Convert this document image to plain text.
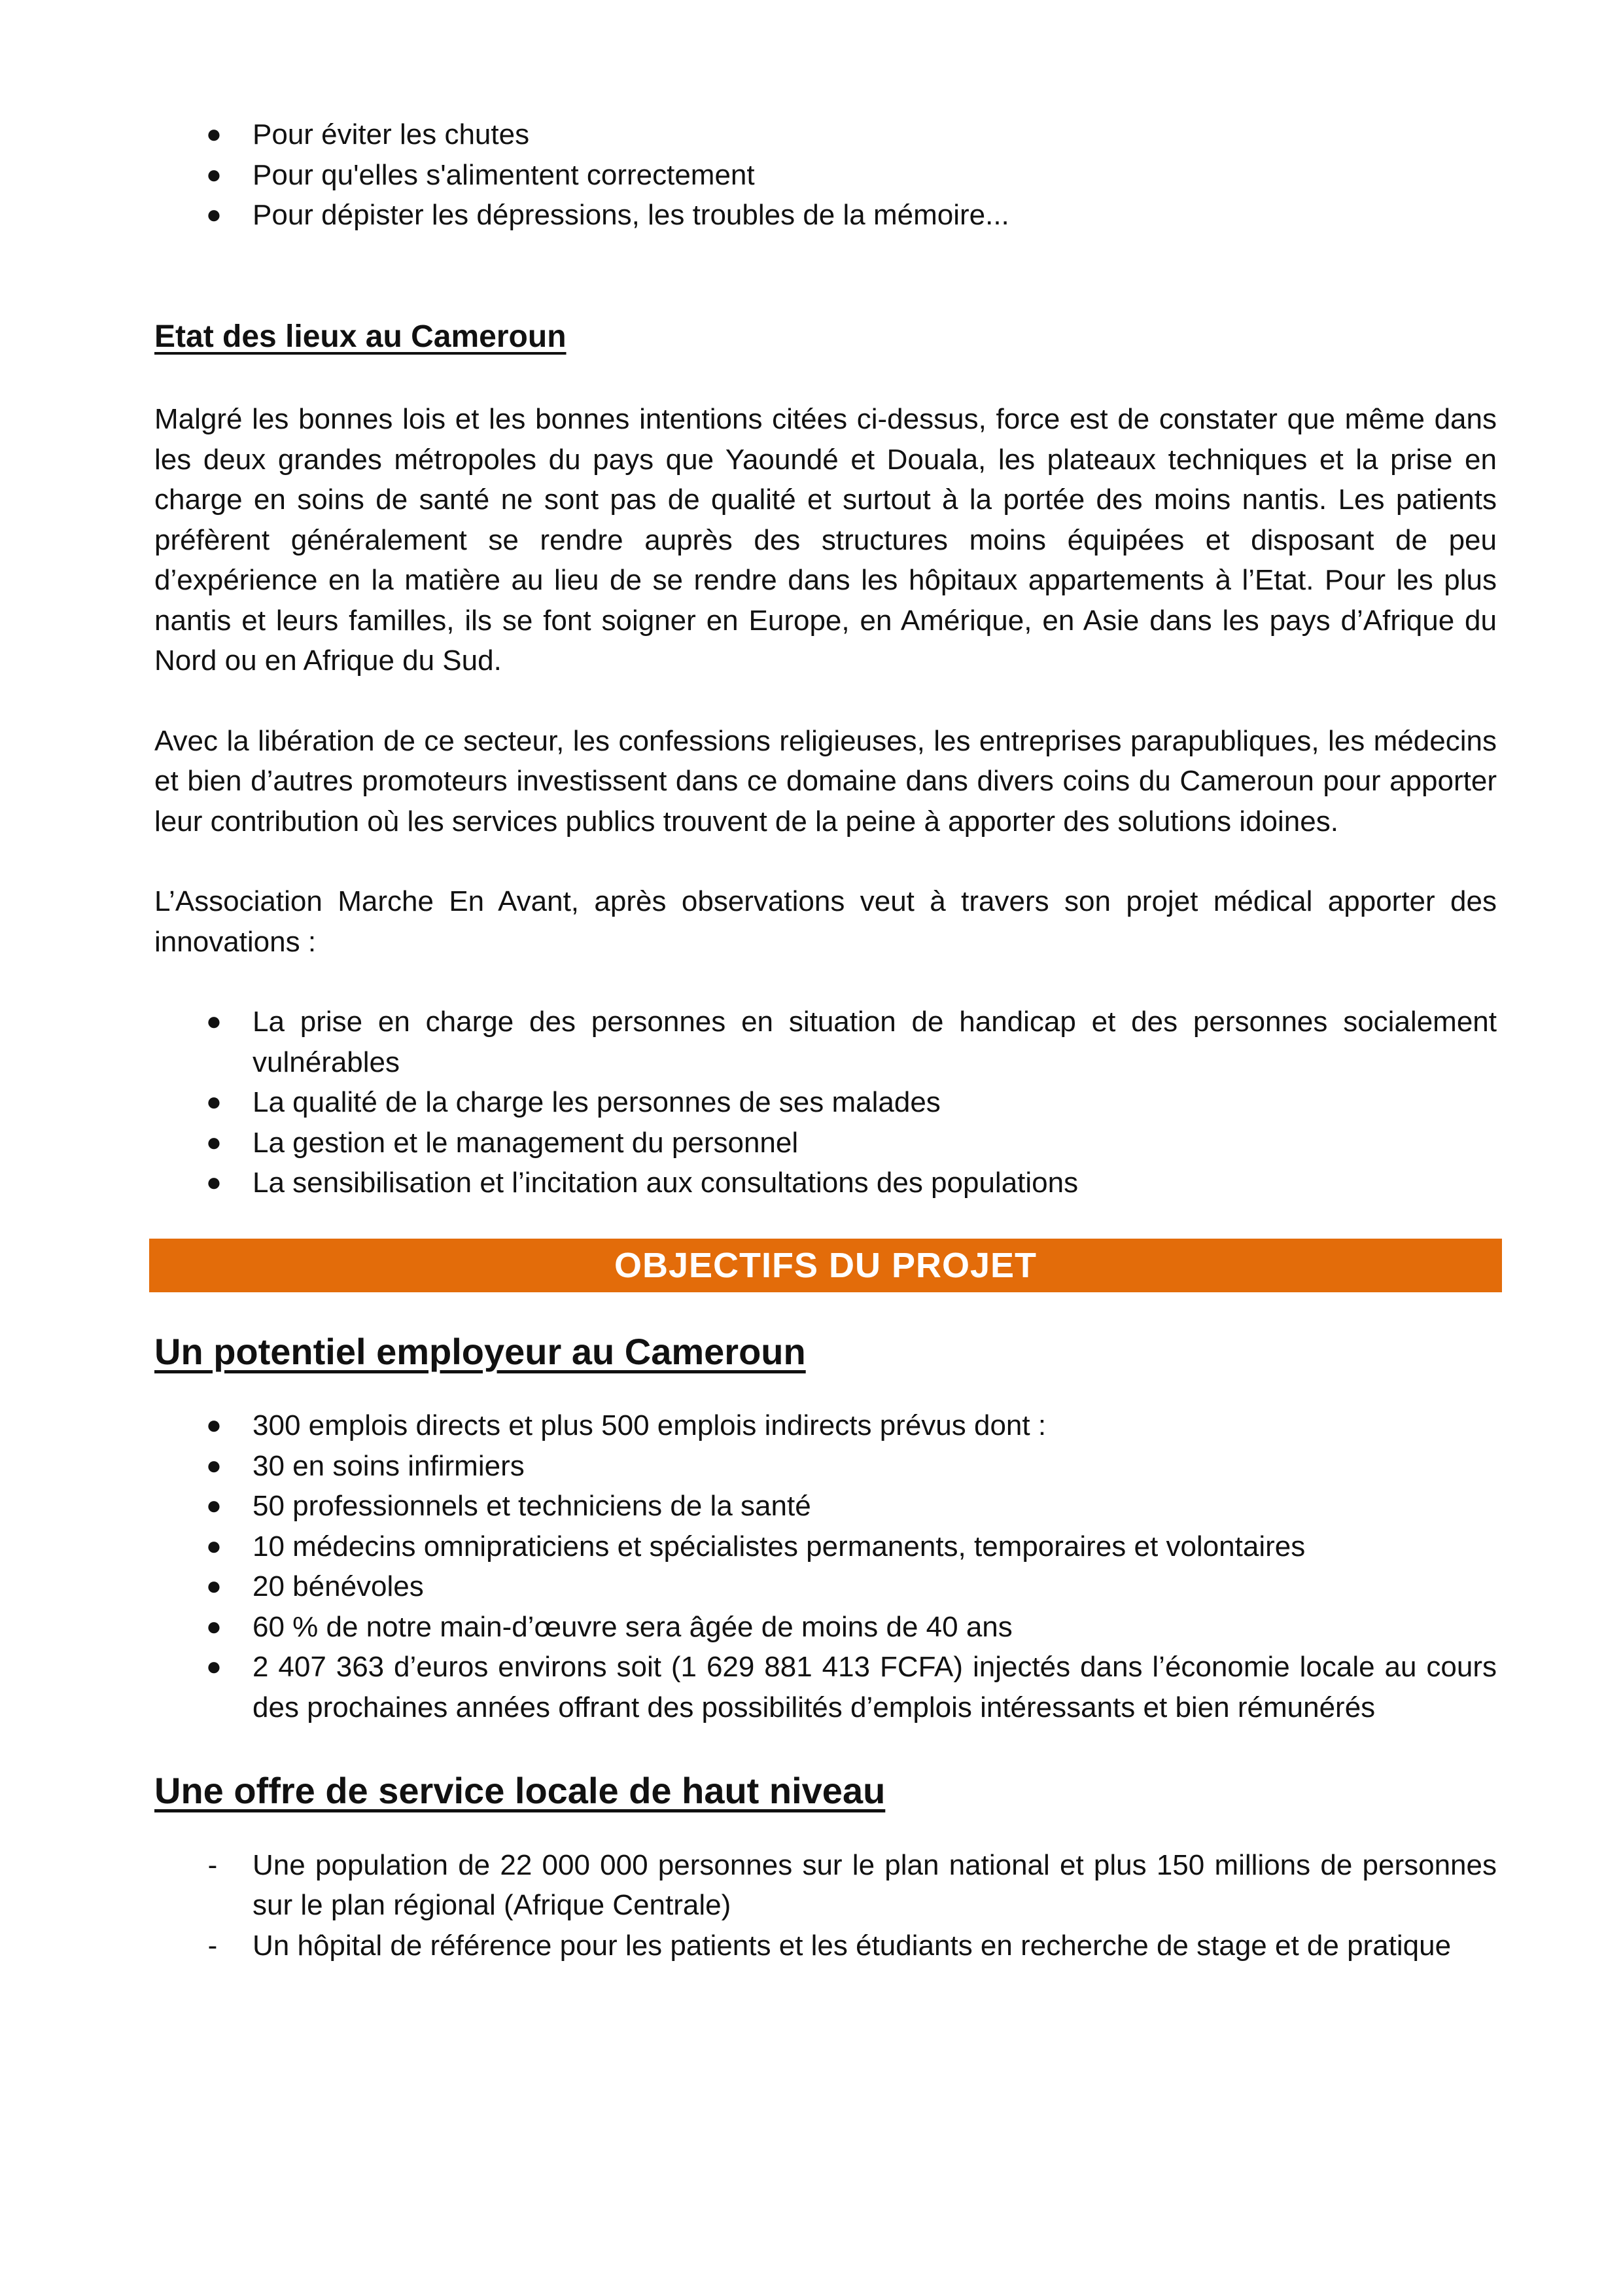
● Pour éviter les chutes
● Pour qu'elles s'alimentent correctement
● Pour dépister les dépressions, les troubles de la mémoire...
Etat des lieux au Cameroun

Malgré les bonnes lois et les bonnes intentions citées ci-dessus, force est de constater que même dans les deux grandes métropoles du pays que Yaoundé et Douala, les plateaux techniques et la prise en charge en soins de santé ne sont pas de qualité et surtout à la portée des moins nantis. Les patients préfèrent généralement se rendre auprès des structures moins équipées et disposant de peu d’expérience en la matière au lieu de se rendre dans les hôpitaux appartements à l’Etat. Pour les plus nantis et leurs familles, ils se font soigner en Europe, en Amérique, en Asie dans les pays d’Afrique du Nord ou en Afrique du Sud.

Avec la libération de ce secteur, les confessions religieuses, les entreprises parapubliques, les médecins et bien d’autres promoteurs investissent dans ce domaine dans divers coins du Cameroun pour apporter leur contribution où les services publics trouvent de la peine à apporter des solutions idoines.

L’Association Marche En Avant, après observations veut à travers son projet médical apporter des innovations :

● La prise en charge des personnes en situation de handicap et des personnes socialement vulnérables
● La qualité de la charge les personnes de ses malades
● La gestion et le management du personnel
● La sensibilisation et l’incitation aux consultations des populations
OBJECTIFS DU PROJET
Un potentiel employeur au Cameroun
● 300 emplois directs et plus 500 emplois indirects prévus dont :
● 30 en soins infirmiers
● 50 professionnels et techniciens de la santé
● 10 médecins omnipraticiens et spécialistes permanents, temporaires et volontaires
● 20 bénévoles
● 60 % de notre main-d’œuvre sera âgée de moins de 40 ans
● 2 407 363 d’euros environs soit (1 629 881 413 FCFA) injectés dans l’économie locale au cours des prochaines années offrant des possibilités d’emplois intéressants et bien rémunérés
Une offre de service locale de haut niveau
- Une population de 22 000 000 personnes sur le plan national et plus 150 millions de personnes sur le plan régional (Afrique Centrale)
- Un hôpital de référence pour les patients et les étudiants en recherche de stage et de pratique
